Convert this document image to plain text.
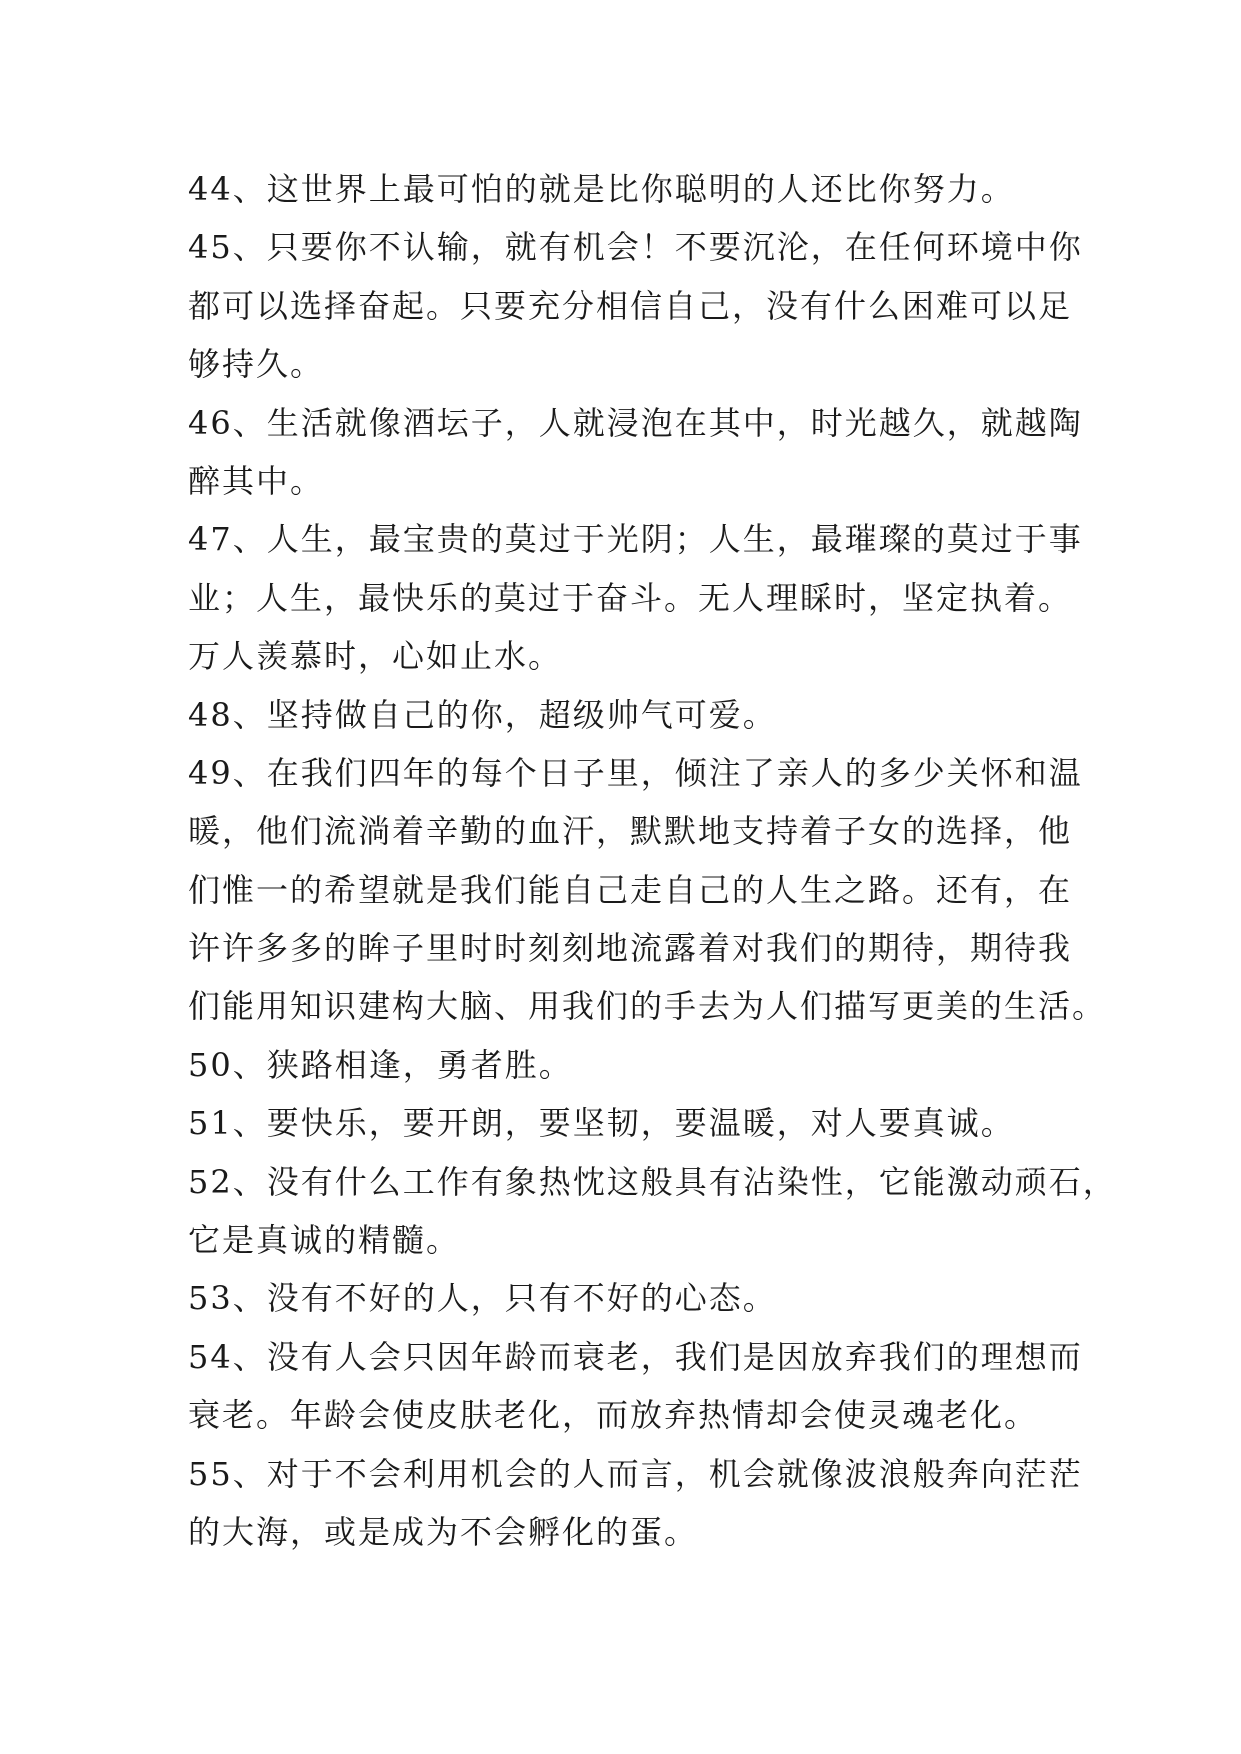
44、这世界上最可怕的就是比你聪明的人还比你努力。
45、只要你不认输，就有机会！不要沉沦，在任何环境中你
都可以选择奋起。只要充分相信自己，没有什么困难可以足
够持久。
46、生活就像酒坛子，人就浸泡在其中，时光越久，就越陶
醉其中。
47、人生，最宝贵的莫过于光阴；人生，最璀璨的莫过于事
业；人生，最快乐的莫过于奋斗。无人理睬时，坚定执着。
万人羡慕时，心如止水。
48、坚持做自己的你，超级帅气可爱。
49、在我们四年的每个日子里，倾注了亲人的多少关怀和温
暖，他们流淌着辛勤的血汗，默默地支持着子女的选择，他
们惟一的希望就是我们能自己走自己的人生之路。还有，在
许许多多的眸子里时时刻刻地流露着对我们的期待，期待我
们能用知识建构大脑、用我们的手去为人们描写更美的生活。
50、狭路相逢，勇者胜。
51、要快乐，要开朗，要坚韧，要温暖，对人要真诚。
52、没有什么工作有象热忱这般具有沾染性，它能激动顽石，
它是真诚的精髓。
53、没有不好的人，只有不好的心态。
54、没有人会只因年龄而衰老，我们是因放弃我们的理想而
衰老。年龄会使皮肤老化，而放弃热情却会使灵魂老化。
55、对于不会利用机会的人而言，机会就像波浪般奔向茫茫
的大海，或是成为不会孵化的蛋。
